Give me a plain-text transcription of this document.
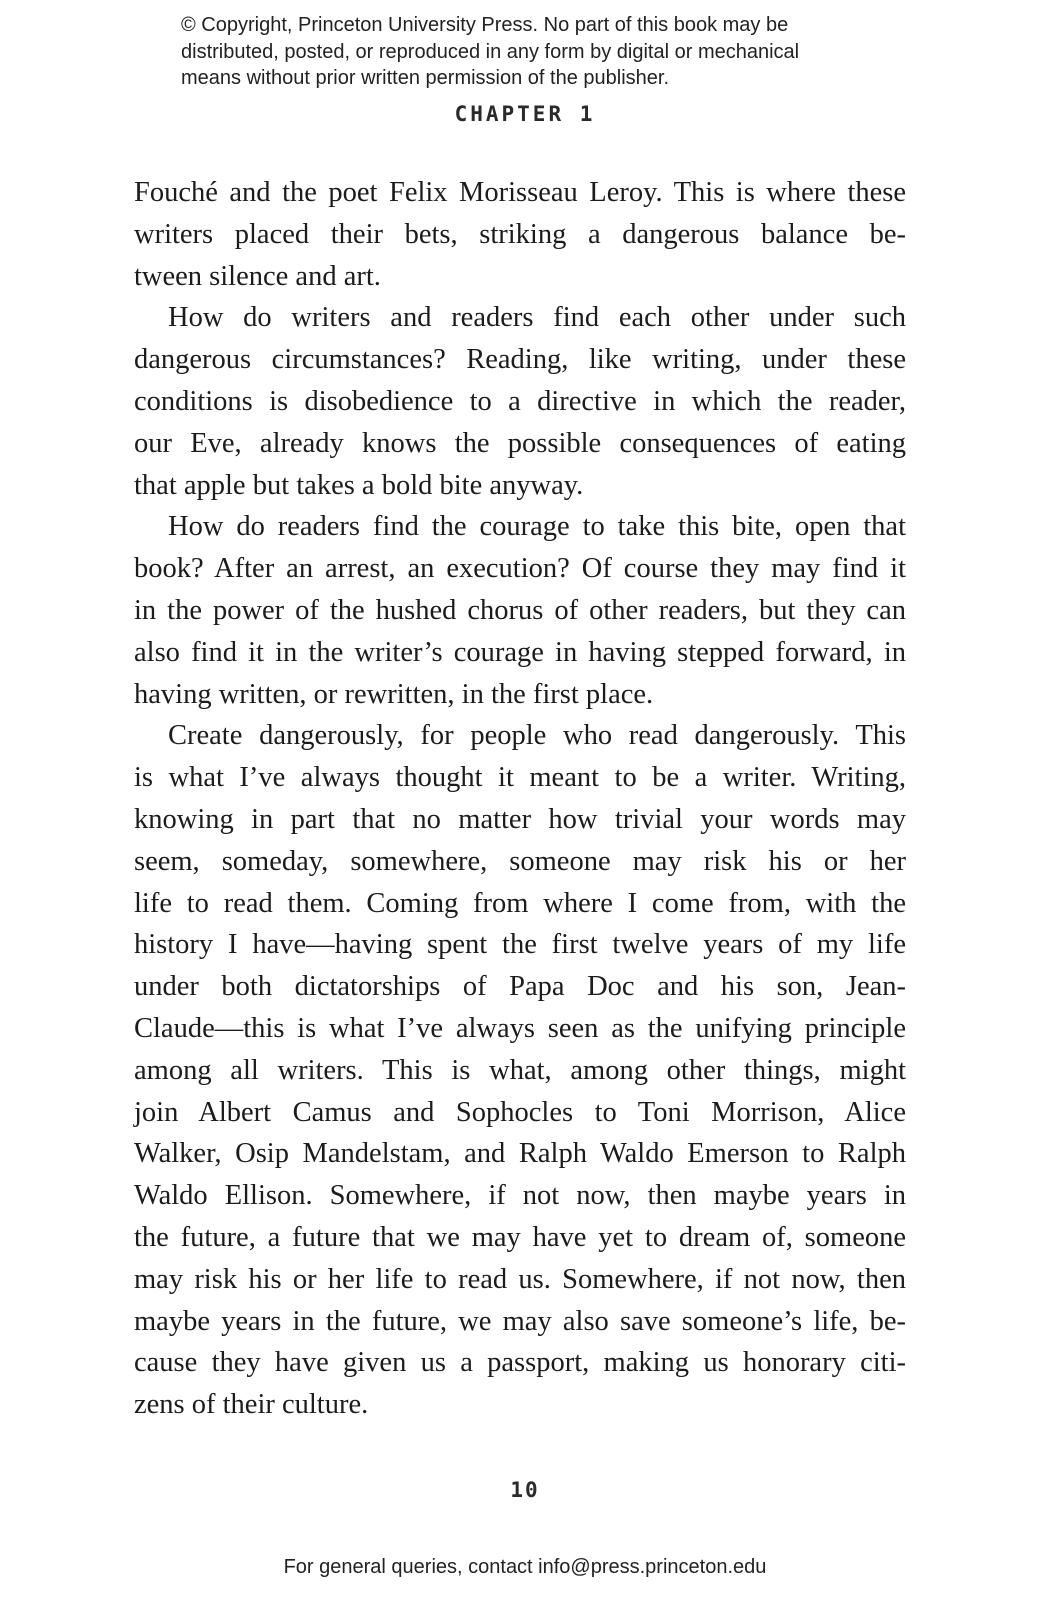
© Copyright, Princeton University Press. No part of this book may be
distributed, posted, or reproduced in any form by digital or mechanical
means without prior written permission of the publisher.
CHAPTER 1

Fouché and the poet Felix Morisseau Leroy. This is where these
writers placed their bets, striking a dangerous balance be-
tween silence and art.

How do writers and readers find each other under such
dangerous circumstances? Reading, like writing, under these
conditions is disobedience to a directive in which the reader,
our Eve, already knows the possible consequences of eating
that apple but takes a bold bite anyway.

How do readers find the courage to take this bite, open that
book? After an arrest, an execution? Of course they may find it
in the power of the hushed chorus of other readers, but they can
also find it in the writer’s courage in having stepped forward, in
having written, or rewritten, in the first place.

Create dangerously, for people who read dangerously. This
is what I’ve always thought it meant to be a writer. Writing,
knowing in part that no matter how trivial your words may
seem, someday, somewhere, someone may risk his or her
life to read them. Coming from where I come from, with the
history I have—having spent the first twelve years of my life
under both dictatorships of Papa Doc and his son, Jean-
Claude—this is what I’ve always seen as the unifying principle
among all writers. This is what, among other things, might
join Albert Camus and Sophocles to Toni Morrison, Alice
Walker, Osip Mandelstam, and Ralph Waldo Emerson to Ralph
Waldo Ellison. Somewhere, if not now, then maybe years in
the future, a future that we may have yet to dream of, someone
may risk his or her life to read us. Somewhere, if not now, then
maybe years in the future, we may also save someone’s life, be-
cause they have given us a passport, making us honorary citi-
zens of their culture.

10
For general queries, contact info@press.princeton.edu
